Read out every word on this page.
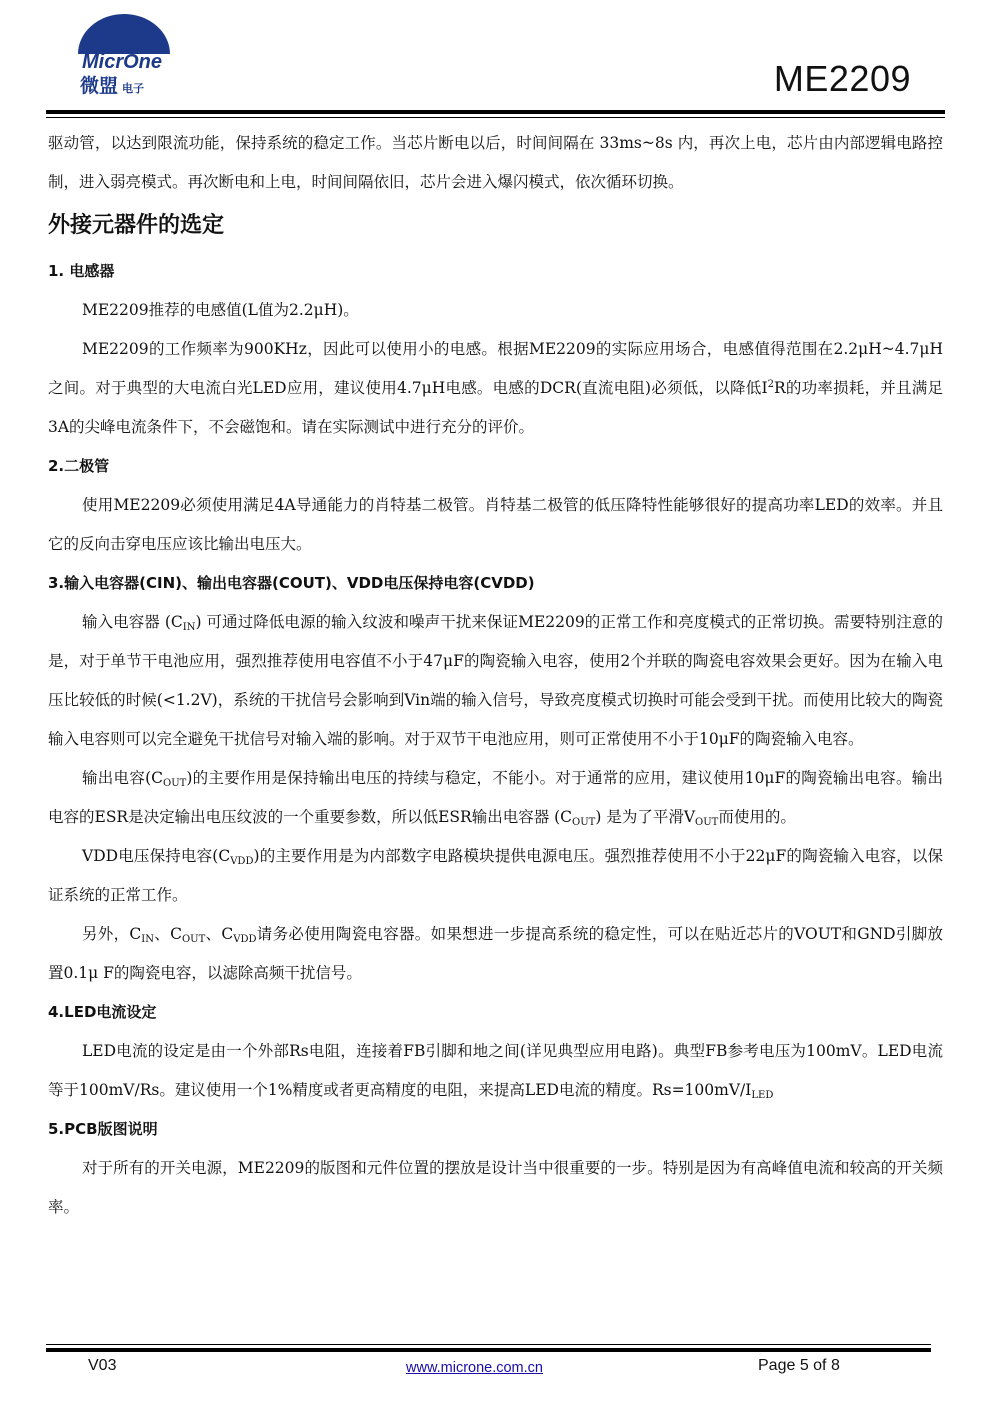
MicrOne
微盟 电子	ME2209

驱动管，以达到限流功能，保持系统的稳定工作。当芯片断电以后，时间间隔在 33ms~8s 内，再次上电，芯片由内部逻辑电路控制，进入弱亮模式。再次断电和上电，时间间隔依旧，芯片会进入爆闪模式，依次循环切换。

外接元器件的选定
1. 电感器

ME2209推荐的电感值(L值为2.2μH)。

ME2209的工作频率为900KHz，因此可以使用小的电感。根据ME2209的实际应用场合，电感值得范围在2.2μH~4.7μH之间。对于典型的大电流白光LED应用，建议使用4.7μH电感。电感的DCR(直流电阻)必须低，以降低$I^2R$的功率损耗，并且满足3A的尖峰电流条件下，不会磁饱和。请在实际测试中进行充分的评价。

2.二极管

使用ME2209必须使用满足4A导通能力的肖特基二极管。肖特基二极管的低压降特性能够很好的提高功率LED的效率。并且它的反向击穿电压应该比输出电压大。

3.输入电容器(CIN)、输出电容器(COUT)、VDD电压保持电容(CVDD)

输入电容器 $(C_{IN})$ 可通过降低电源的输入纹波和噪声干扰来保证ME2209的正常工作和亮度模式的正常切换。需要特别注意的是，对于单节干电池应用，强烈推荐使用电容值不小于47μF的陶瓷输入电容，使用2个并联的陶瓷电容效果会更好。因为在输入电压比较低的时候(<1.2V)，系统的干扰信号会影响到Vin端的输入信号，导致亮度模式切换时可能会受到干扰。而使用比较大的陶瓷输入电容则可以完全避免干扰信号对输入端的影响。对于双节干电池应用，则可正常使用不小于10μF的陶瓷输入电容。

输出电容$(C_{OUT})$的主要作用是保持输出电压的持续与稳定，不能小。对于通常的应用，建议使用10μF的陶瓷输出电容。输出电容的ESR是决定输出电压纹波的一个重要参数，所以低ESR输出电容器 $(C_{OUT})$ 是为了平滑$V_{OUT}$而使用的。

VDD电压保持电容$(C_{VDD})$的主要作用是为内部数字电路模块提供电源电压。强烈推荐使用不小于22μF的陶瓷输入电容，以保证系统的正常工作。

另外，$C_{IN}$、$C_{OUT}$、$C_{VDD}$请务必使用陶瓷电容器。如果想进一步提高系统的稳定性，可以在贴近芯片的VOUT和GND引脚放置0.1μ F的陶瓷电容，以滤除高频干扰信号。

4.LED电流设定

LED电流的设定是由一个外部Rs电阻，连接着FB引脚和地之间(详见典型应用电路)。典型FB参考电压为100mV。LED电流等于100mV/Rs。建议使用一个1%精度或者更高精度的电阻，来提高LED电流的精度。$Rs=100mV/I_{LED}$

5.PCB版图说明

对于所有的开关电源，ME2209的版图和元件位置的摆放是设计当中很重要的一步。特别是因为有高峰值电流和较高的开关频率。

V03	www.microne.com.cn	Page 5 of 8
